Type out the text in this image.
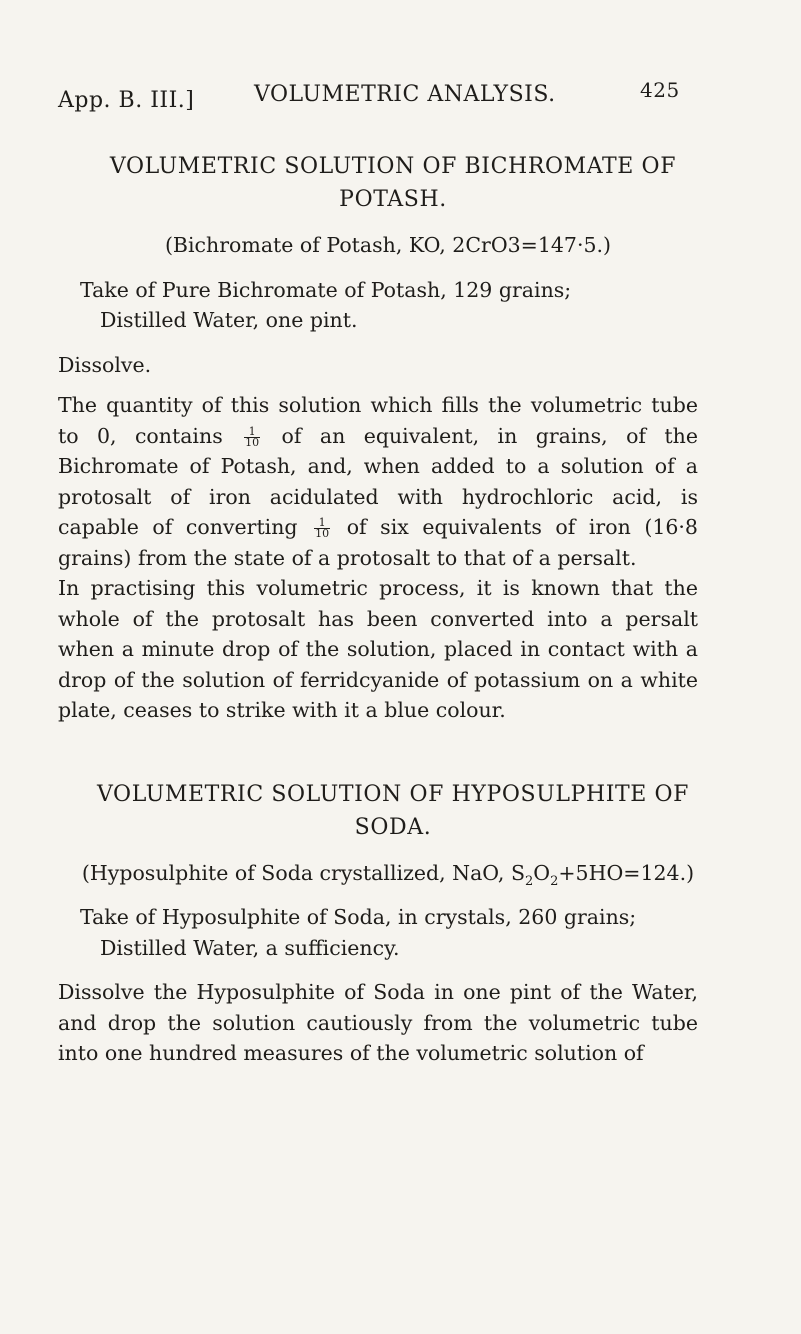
App. B. III.]	VOLUMETRIC ANALYSIS.	425
VOLUMETRIC SOLUTION OF BICHROMATE OF
POTASH.
(Bichromate of Potash, KO, 2CrO3=147·5.)
Take of Pure Bichromate of Potash, 129 grains;
Distilled Water, one pint.

Dissolve.

The quantity of this solution which fills the volumetric tube to 0, contains $\frac{1}{10}$ of an equivalent, in grains, of the Bichromate of Potash, and, when added to a solution of a protosalt of iron acidulated with hydrochloric acid, is capable of converting $\frac{1}{10}$ of six equivalents of iron (16·8 grains) from the state of a protosalt to that of a persalt.

In practising this volumetric process, it is known that the whole of the protosalt has been converted into a persalt when a minute drop of the solution, placed in contact with a drop of the solution of ferridcyanide of potassium on a white plate, ceases to strike with it a blue colour.

VOLUMETRIC SOLUTION OF HYPOSULPHITE OF
SODA.
(Hyposulphite of Soda crystallized, NaO, $S_2O_2+5HO=124$.)
Take of Hyposulphite of Soda, in crystals, 260 grains;
Distilled Water, a sufficiency.

Dissolve the Hyposulphite of Soda in one pint of the Water, and drop the solution cautiously from the volumetric tube into one hundred measures of the volumetric solution of
